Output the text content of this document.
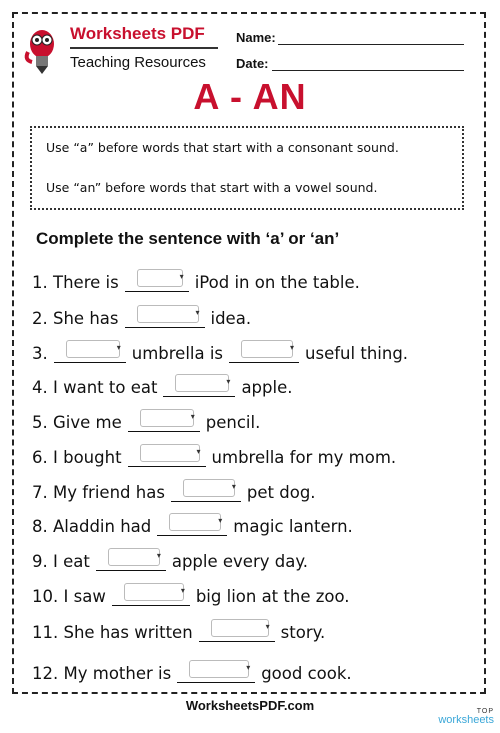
Worksheets PDF
Teaching Resources
Name:
Date:
A - AN
Use “a” before words that start with a consonant sound.
Use “an” before words that start with a vowel sound.
Complete the sentence with ‘a’ or ‘an’
1.
There is	▾ iPod in on the table.
2.
She has	▾ idea.
3.	▾ umbrella is	▾ useful thing.
4.
I want to eat	▾ apple.
5.
Give me	▾ pencil.
6.
I bought	▾ umbrella for my mom.
7.
My friend has	▾ pet dog.
8.
Aladdin had	▾ magic lantern.
9.
I eat	▾ apple every day.
10.
I saw	▾ big lion at the zoo.
11.
She has written	▾ story.
12.
My mother is	▾ good cook.
WorksheetsPDF.com	TOP
worksheets
